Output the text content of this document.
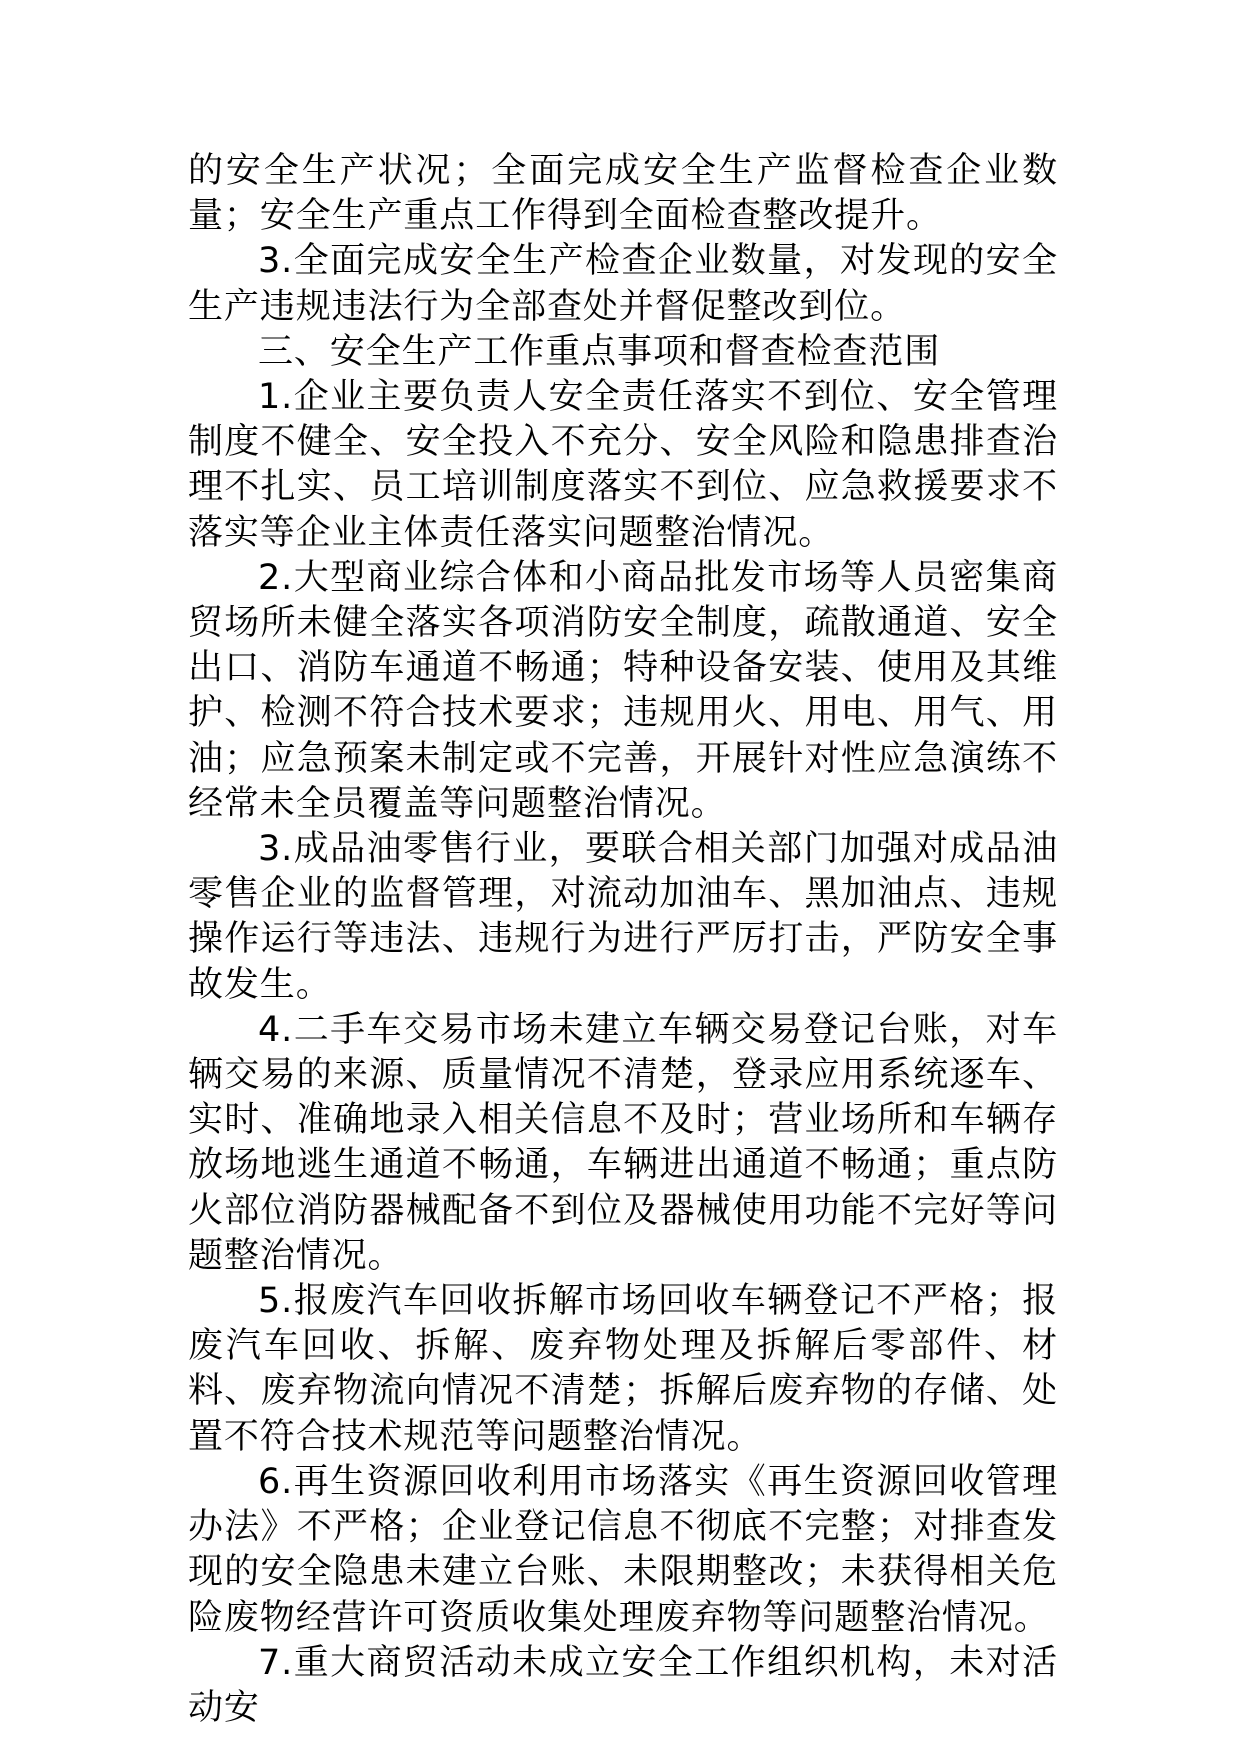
的安全生产状况；全面完成安全生产监督检查企业数量；安全生产重点工作得到全面检查整改提升。

3.全面完成安全生产检查企业数量，对发现的安全生产违规违法行为全部查处并督促整改到位。

三、安全生产工作重点事项和督查检查范围

1.企业主要负责人安全责任落实不到位、安全管理制度不健全、安全投入不充分、安全风险和隐患排查治理不扎实、员工培训制度落实不到位、应急救援要求不落实等企业主体责任落实问题整治情况。

2.大型商业综合体和小商品批发市场等人员密集商贸场所未健全落实各项消防安全制度，疏散通道、安全出口、消防车通道不畅通；特种设备安装、使用及其维护、检测不符合技术要求；违规用火、用电、用气、用油；应急预案未制定或不完善，开展针对性应急演练不经常未全员覆盖等问题整治情况。

3.成品油零售行业，要联合相关部门加强对成品油零售企业的监督管理，对流动加油车、黑加油点、违规操作运行等违法、违规行为进行严厉打击，严防安全事故发生。

4.二手车交易市场未建立车辆交易登记台账，对车辆交易的来源、质量情况不清楚，登录应用系统逐车、实时、准确地录入相关信息不及时；营业场所和车辆存放场地逃生通道不畅通，车辆进出通道不畅通；重点防火部位消防器械配备不到位及器械使用功能不完好等问题整治情况。

5.报废汽车回收拆解市场回收车辆登记不严格；报废汽车回收、拆解、废弃物处理及拆解后零部件、材料、废弃物流向情况不清楚；拆解后废弃物的存储、处置不符合技术规范等问题整治情况。

6.再生资源回收利用市场落实《再生资源回收管理办法》不严格；企业登记信息不彻底不完整；对排查发现的安全隐患未建立台账、未限期整改；未获得相关危险废物经营许可资质收集处理废弃物等问题整治情况。

7.重大商贸活动未成立安全工作组织机构，未对活动安
